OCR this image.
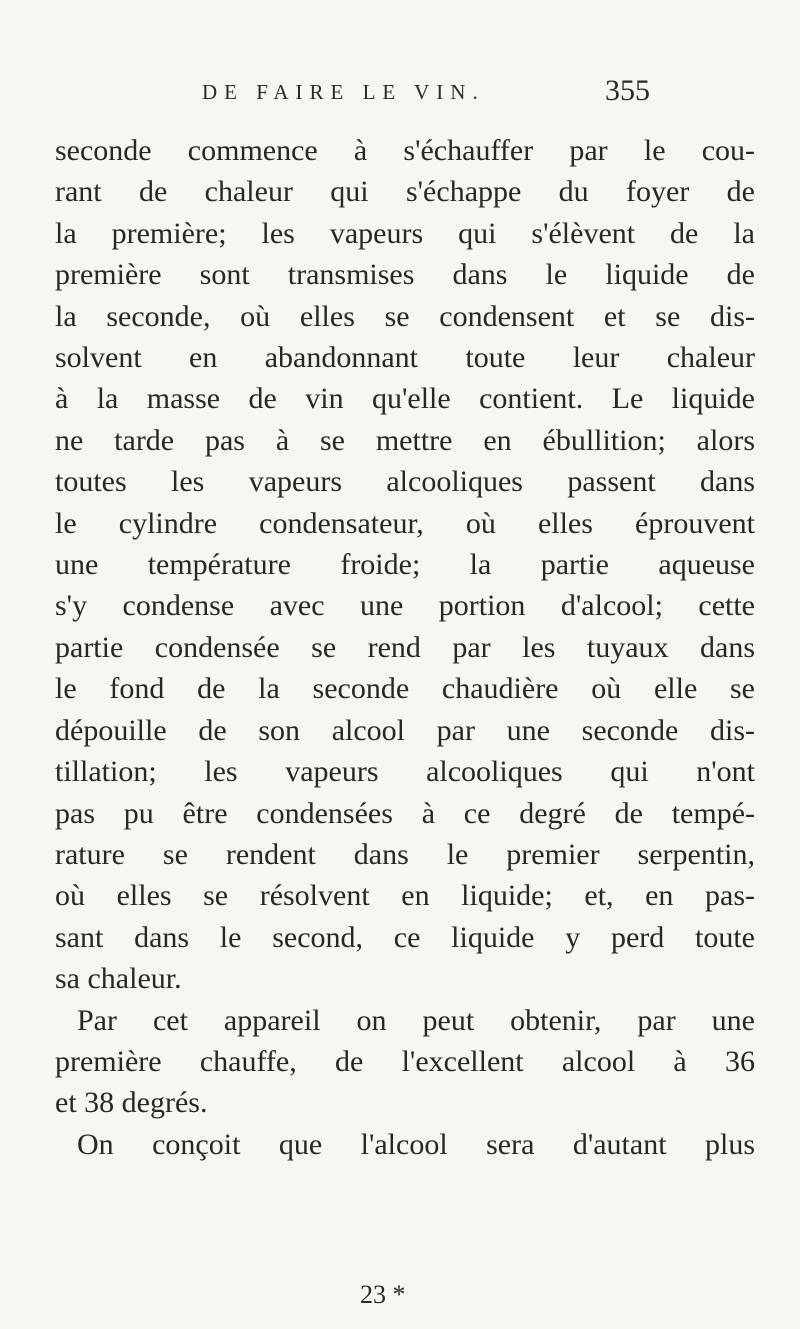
DE FAIRE LE VIN.	355
seconde commence à s'échauffer par le cou-
rant de chaleur qui s'échappe du foyer de
la première; les vapeurs qui s'élèvent de la
première sont transmises dans le liquide de
la seconde, où elles se condensent et se dis-
solvent en abandonnant toute leur chaleur
à la masse de vin qu'elle contient. Le liquide
ne tarde pas à se mettre en ébullition; alors
toutes les vapeurs alcooliques passent dans
le cylindre condensateur, où elles éprouvent
une température froide; la partie aqueuse
s'y condense avec une portion d'alcool; cette
partie condensée se rend par les tuyaux dans
le fond de la seconde chaudière où elle se
dépouille de son alcool par une seconde dis-
tillation; les vapeurs alcooliques qui n'ont
pas pu être condensées à ce degré de tempé-
rature se rendent dans le premier serpentin,
où elles se résolvent en liquide; et, en pas-
sant dans le second, ce liquide y perd toute
sa chaleur.
Par cet appareil on peut obtenir, par une
première chauffe, de l'excellent alcool à 36
et 38 degrés.
On conçoit que l'alcool sera d'autant plus
23 *
